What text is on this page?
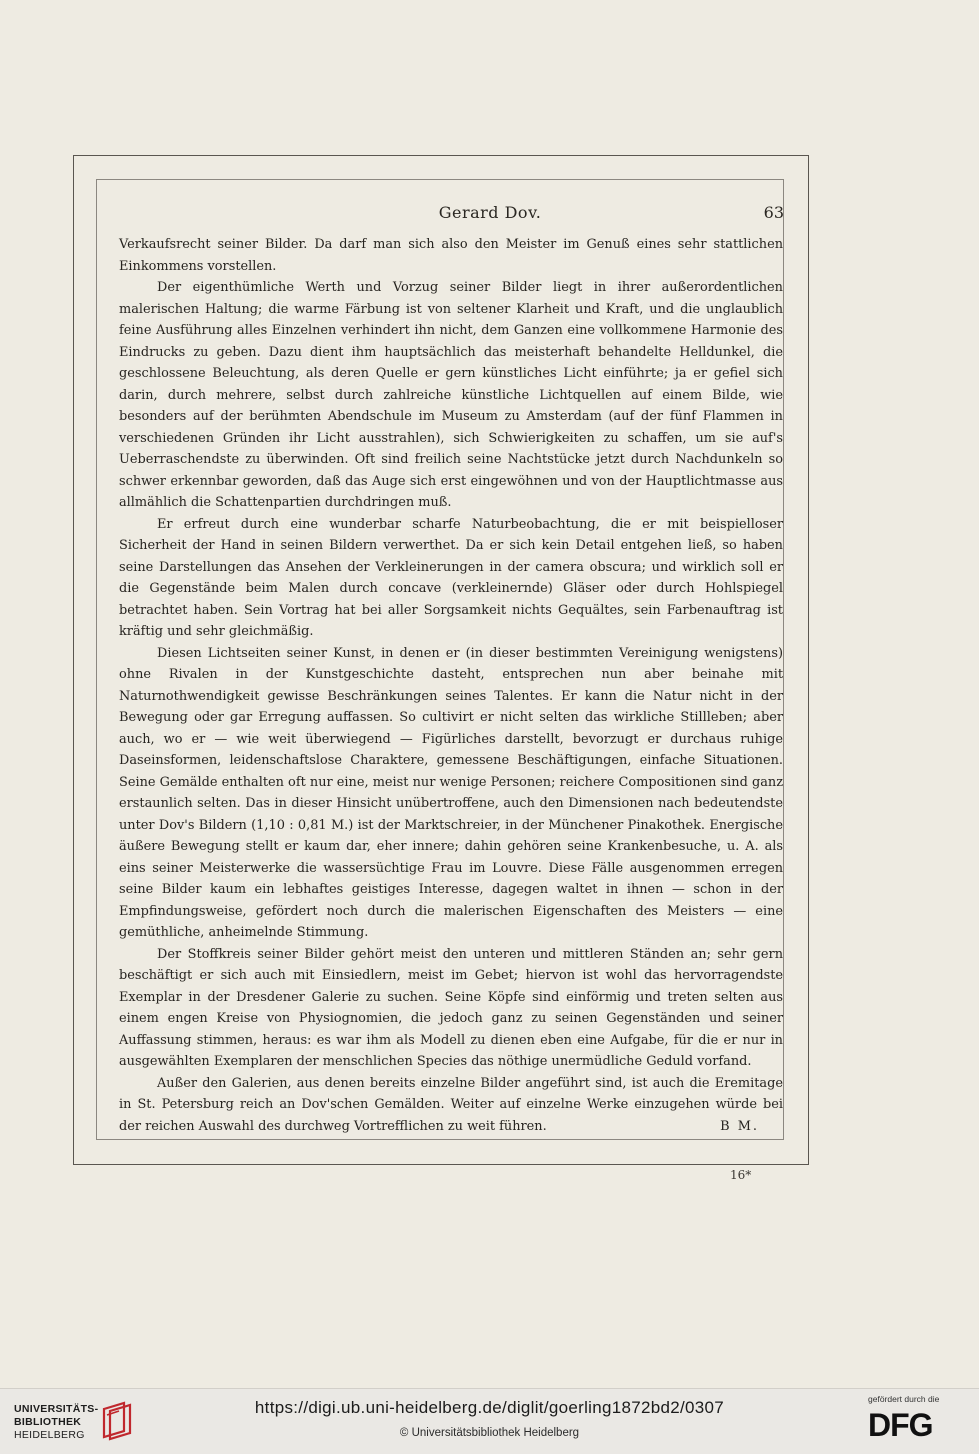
Gerard Dov.	63

Verkaufsrecht seiner Bilder. Da darf man sich also den Meister im Genuß eines sehr stattlichen Einkommens vorstellen.

Der eigenthümliche Werth und Vorzug seiner Bilder liegt in ihrer außerordentlichen malerischen Haltung; die warme Färbung ist von seltener Klarheit und Kraft, und die unglaublich feine Ausführung alles Einzelnen verhindert ihn nicht, dem Ganzen eine vollkommene Harmonie des Eindrucks zu geben. Dazu dient ihm hauptsächlich das meisterhaft behandelte Helldunkel, die geschlossene Beleuchtung, als deren Quelle er gern künstliches Licht einführte; ja er gefiel sich darin, durch mehrere, selbst durch zahlreiche künstliche Lichtquellen auf einem Bilde, wie besonders auf der berühmten Abendschule im Museum zu Amsterdam (auf der fünf Flammen in verschiedenen Gründen ihr Licht ausstrahlen), sich Schwierigkeiten zu schaffen, um sie auf's Ueberraschendste zu überwinden. Oft sind freilich seine Nachtstücke jetzt durch Nachdunkeln so schwer erkennbar geworden, daß das Auge sich erst eingewöhnen und von der Hauptlichtmasse aus allmählich die Schattenpartien durchdringen muß.

Er erfreut durch eine wunderbar scharfe Naturbeobachtung, die er mit beispielloser Sicherheit der Hand in seinen Bildern verwerthet. Da er sich kein Detail entgehen ließ, so haben seine Darstellungen das Ansehen der Verkleinerungen in der camera obscura; und wirklich soll er die Gegenstände beim Malen durch concave (verkleinernde) Gläser oder durch Hohlspiegel betrachtet haben. Sein Vortrag hat bei aller Sorgsamkeit nichts Gequältes, sein Farbenauftrag ist kräftig und sehr gleichmäßig.

Diesen Lichtseiten seiner Kunst, in denen er (in dieser bestimmten Vereinigung wenigstens) ohne Rivalen in der Kunstgeschichte dasteht, entsprechen nun aber beinahe mit Naturnothwendigkeit gewisse Beschränkungen seines Talentes. Er kann die Natur nicht in der Bewegung oder gar Erregung auffassen. So cultivirt er nicht selten das wirkliche Stillleben; aber auch, wo er — wie weit überwiegend — Figürliches darstellt, bevorzugt er durchaus ruhige Daseinsformen, leidenschaftslose Charaktere, gemessene Beschäftigungen, einfache Situationen. Seine Gemälde enthalten oft nur eine, meist nur wenige Personen; reichere Compositionen sind ganz erstaunlich selten. Das in dieser Hinsicht unübertroffene, auch den Dimensionen nach bedeutendste unter Dov's Bildern (1,10 : 0,81 M.) ist der Marktschreier, in der Münchener Pinakothek. Energische äußere Bewegung stellt er kaum dar, eher innere; dahin gehören seine Krankenbesuche, u. A. als eins seiner Meisterwerke die wassersüchtige Frau im Louvre. Diese Fälle ausgenommen erregen seine Bilder kaum ein lebhaftes geistiges Interesse, dagegen waltet in ihnen — schon in der Empfindungsweise, gefördert noch durch die malerischen Eigenschaften des Meisters — eine gemüthliche, anheimelnde Stimmung.

Der Stoffkreis seiner Bilder gehört meist den unteren und mittleren Ständen an; sehr gern beschäftigt er sich auch mit Einsiedlern, meist im Gebet; hiervon ist wohl das hervorragendste Exemplar in der Dresdener Galerie zu suchen. Seine Köpfe sind einförmig und treten selten aus einem engen Kreise von Physiognomien, die jedoch ganz zu seinen Gegenständen und seiner Auffassung stimmen, heraus: es war ihm als Modell zu dienen eben eine Aufgabe, für die er nur in ausgewählten Exemplaren der menschlichen Species das nöthige unermüdliche Geduld vorfand.

Außer den Galerien, aus denen bereits einzelne Bilder angeführt sind, ist auch die Eremitage in St. Petersburg reich an Dov'schen Gemälden. Weiter auf einzelne Werke einzugehen würde bei der reichen Auswahl des durchweg Vortrefflichen zu weit führen.	B M.

16*
UNIVERSITÄTS-
BIBLIOTHEK
HEIDELBERG
https://digi.ub.uni-heidelberg.de/diglit/goerling1872bd2/0307
© Universitätsbibliothek Heidelberg
gefördert durch die
DFG
